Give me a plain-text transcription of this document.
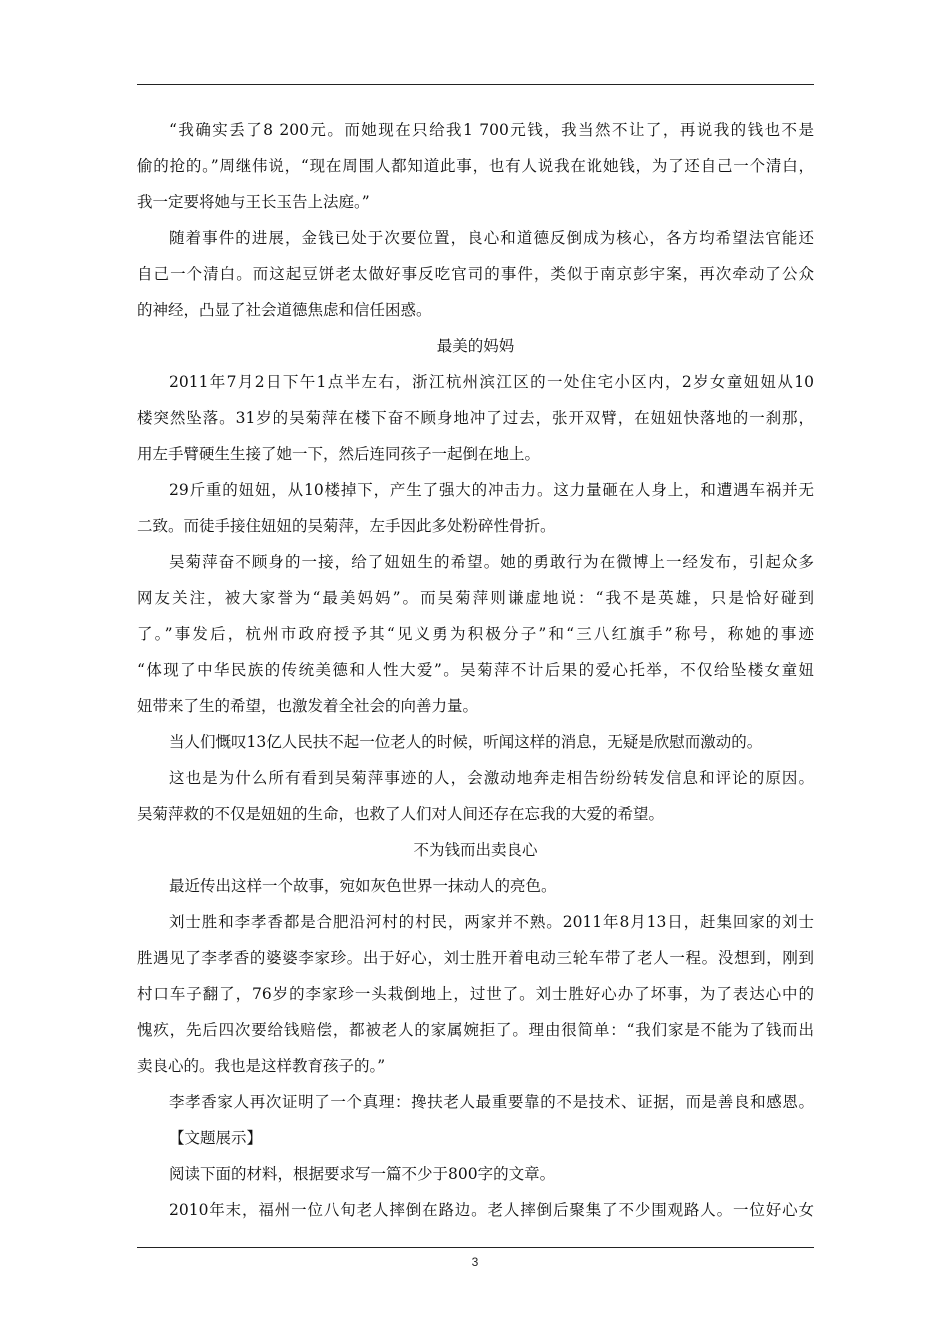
“我确实丢了8 200元。而她现在只给我1 700元钱，我当然不让了，再说我的钱也不是
偷的抢的。”周继伟说，“现在周围人都知道此事，也有人说我在讹她钱，为了还自己一个清白，
我一定要将她与王长玉告上法庭。”
随着事件的进展，金钱已处于次要位置，良心和道德反倒成为核心，各方均希望法官能还
自己一个清白。而这起豆饼老太做好事反吃官司的事件，类似于南京彭宇案，再次牵动了公众
的神经，凸显了社会道德焦虑和信任困惑。
最美的妈妈
2011年7月2日下午1点半左右，浙江杭州滨江区的一处住宅小区内，2岁女童妞妞从10
楼突然坠落。31岁的吴菊萍在楼下奋不顾身地冲了过去，张开双臂，在妞妞快落地的一刹那，
用左手臂硬生生接了她一下，然后连同孩子一起倒在地上。
29斤重的妞妞，从10楼掉下，产生了强大的冲击力。这力量砸在人身上，和遭遇车祸并无
二致。而徒手接住妞妞的吴菊萍，左手因此多处粉碎性骨折。
吴菊萍奋不顾身的一接，给了妞妞生的希望。她的勇敢行为在微博上一经发布，引起众多
网友关注，被大家誉为“最美妈妈”。而吴菊萍则谦虚地说：“我不是英雄，只是恰好碰到
了。”事发后，杭州市政府授予其“见义勇为积极分子”和“三八红旗手”称号，称她的事迹
“体现了中华民族的传统美德和人性大爱”。吴菊萍不计后果的爱心托举，不仅给坠楼女童妞
妞带来了生的希望，也激发着全社会的向善力量。
当人们慨叹13亿人民扶不起一位老人的时候，听闻这样的消息，无疑是欣慰而激动的。
这也是为什么所有看到吴菊萍事迹的人，会激动地奔走相告纷纷转发信息和评论的原因。
吴菊萍救的不仅是妞妞的生命，也救了人们对人间还存在忘我的大爱的希望。
不为钱而出卖良心
最近传出这样一个故事，宛如灰色世界一抹动人的亮色。
刘士胜和李孝香都是合肥沿河村的村民，两家并不熟。2011年8月13日，赶集回家的刘士
胜遇见了李孝香的婆婆李家珍。出于好心，刘士胜开着电动三轮车带了老人一程。没想到，刚到
村口车子翻了，76岁的李家珍一头栽倒地上，过世了。刘士胜好心办了坏事，为了表达心中的
愧疚，先后四次要给钱赔偿，都被老人的家属婉拒了。理由很简单：“我们家是不能为了钱而出
卖良心的。我也是这样教育孩子的。”
李孝香家人再次证明了一个真理：搀扶老人最重要靠的不是技术、证据，而是善良和感恩。
【文题展示】
阅读下面的材料，根据要求写一篇不少于800字的文章。
2010年末，福州一位八旬老人摔倒在路边。老人摔倒后聚集了不少围观路人。一位好心女
3
